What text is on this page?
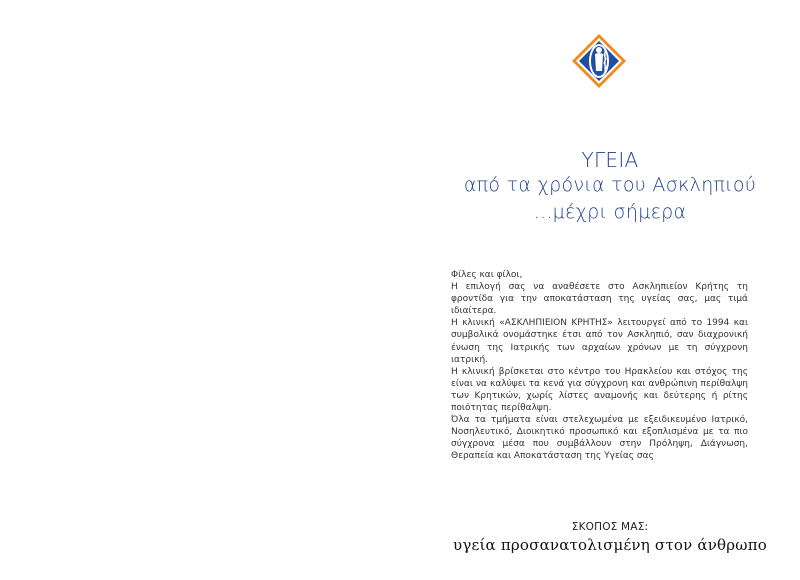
ΥΓΕΙΑ
από τα χρόνια του Ασκληπιού
...μέχρι σήμερα

Φίλες και φίλοι,

Η επιλογή σας να αναθέσετε στο Ασκληπιείον Κρήτης τη φροντίδα για την αποκατάσταση της υγείας σας, μας τιμά ιδιαίτερα.

Η κλινική «ΑΣΚΛΗΠΙΕΙΟΝ ΚΡΗΤΗΣ» λειτουργεί από το 1994 και συμβολικά ονομάστηκε έτσι από τον Ασκληπιό, σαν διαχρονική ένωση της Ιατρικής των αρχαίων χρόνων με τη σύγχρονη ιατρική.

Η κλινική βρίσκεται στο κέντρο του Ηρακλείου και στόχος της είναι να καλύψει τα κενά για σύγχρονη και ανθρώπινη περίθαλψη των Κρητικών, χωρίς λίστες αναμονής και δεύτερης ή ρίτης ποιότητας περίθαλψη.

Όλα τα τμήματα είναι στελεχωμένα με εξειδικευμένο Ιατρικό, Νοσηλευτικό, Διοικητικό προσωπικό και εξοπλισμένα με τα πιο σύγχρονα μέσα που συμβάλλουν στην Πρόληψη, Διάγνωση, Θεραπεία και Αποκατάσταση της Υγείας σας

ΣΚΟΠΟΣ ΜΑΣ:
υγεία προσανατολισμένη στον άνθρωπο
